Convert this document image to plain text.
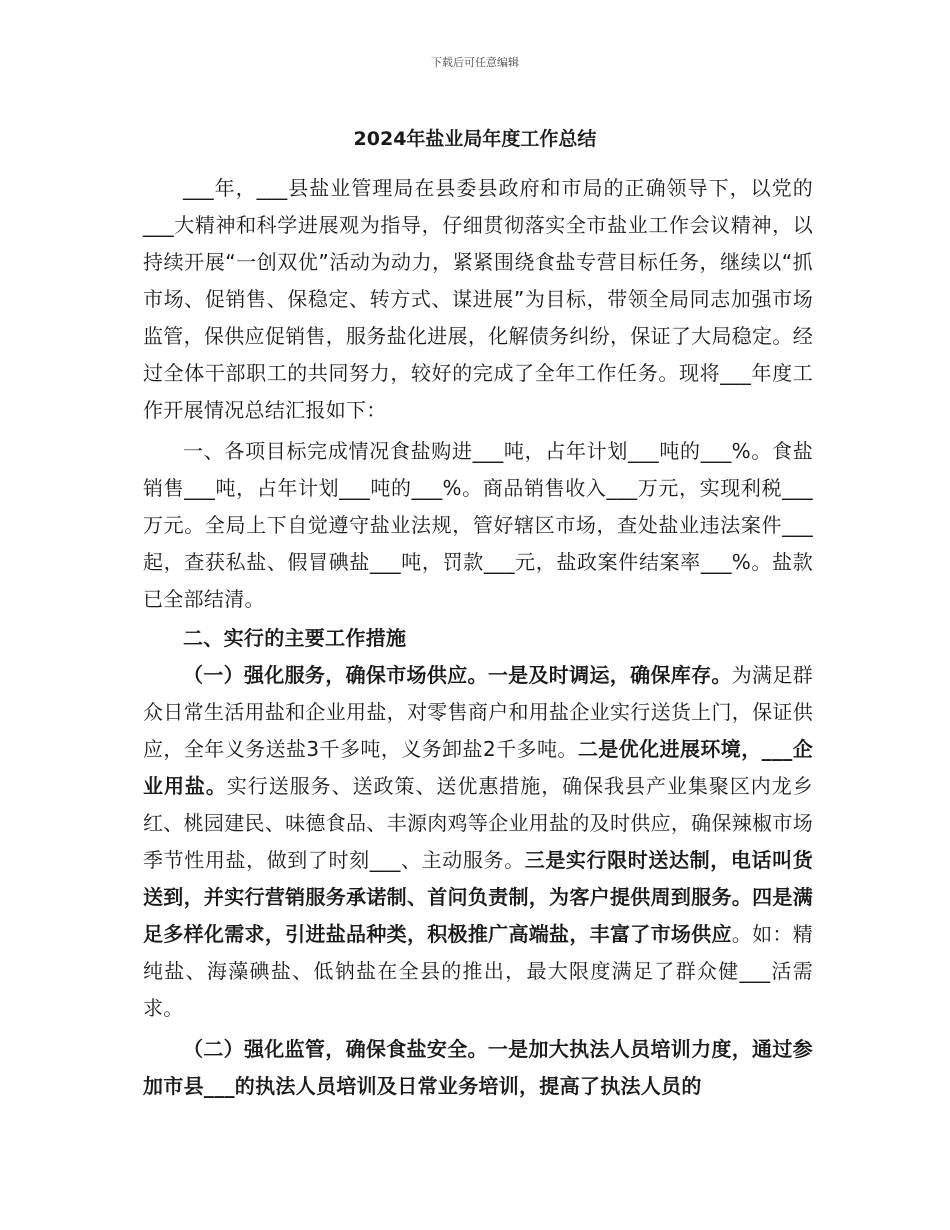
下载后可任意编辑
2024年盐业局年度工作总结

___年，___县盐业管理局在县委县政府和市局的正确领导下，以党的___大精神和科学进展观为指导，仔细贯彻落实全市盐业工作会议精神，以持续开展“一创双优”活动为动力，紧紧围绕食盐专营目标任务，继续以“抓市场、促销售、保稳定、转方式、谋进展”为目标，带领全局同志加强市场监管，保供应促销售，服务盐化进展，化解债务纠纷，保证了大局稳定。经过全体干部职工的共同努力，较好的完成了全年工作任务。现将___年度工作开展情况总结汇报如下：

一、各项目标完成情况食盐购进___吨，占年计划___吨的___%。食盐销售___吨，占年计划___吨的___%。商品销售收入___万元，实现利税___万元。全局上下自觉遵守盐业法规，管好辖区市场，查处盐业违法案件___起，查获私盐、假冒碘盐___吨，罚款___元，盐政案件结案率___%。盐款已全部结清。

二、实行的主要工作措施

（一）强化服务，确保市场供应。一是及时调运，确保库存。为满足群众日常生活用盐和企业用盐，对零售商户和用盐企业实行送货上门，保证供应，全年义务送盐3千多吨，义务卸盐2千多吨。二是优化进展环境，___企业用盐。实行送服务、送政策、送优惠措施，确保我县产业集聚区内龙乡红、桃园建民、味德食品、丰源肉鸡等企业用盐的及时供应，确保辣椒市场季节性用盐，做到了时刻___、主动服务。三是实行限时送达制，电话叫货送到，并实行营销服务承诺制、首问负责制，为客户提供周到服务。四是满足多样化需求，引进盐品种类，积极推广高端盐，丰富了市场供应。如：精纯盐、海藻碘盐、低钠盐在全县的推出，最大限度满足了群众健___活需求。

（二）强化监管，确保食盐安全。一是加大执法人员培训力度，通过参加市县___的执法人员培训及日常业务培训，提高了执法人员的
